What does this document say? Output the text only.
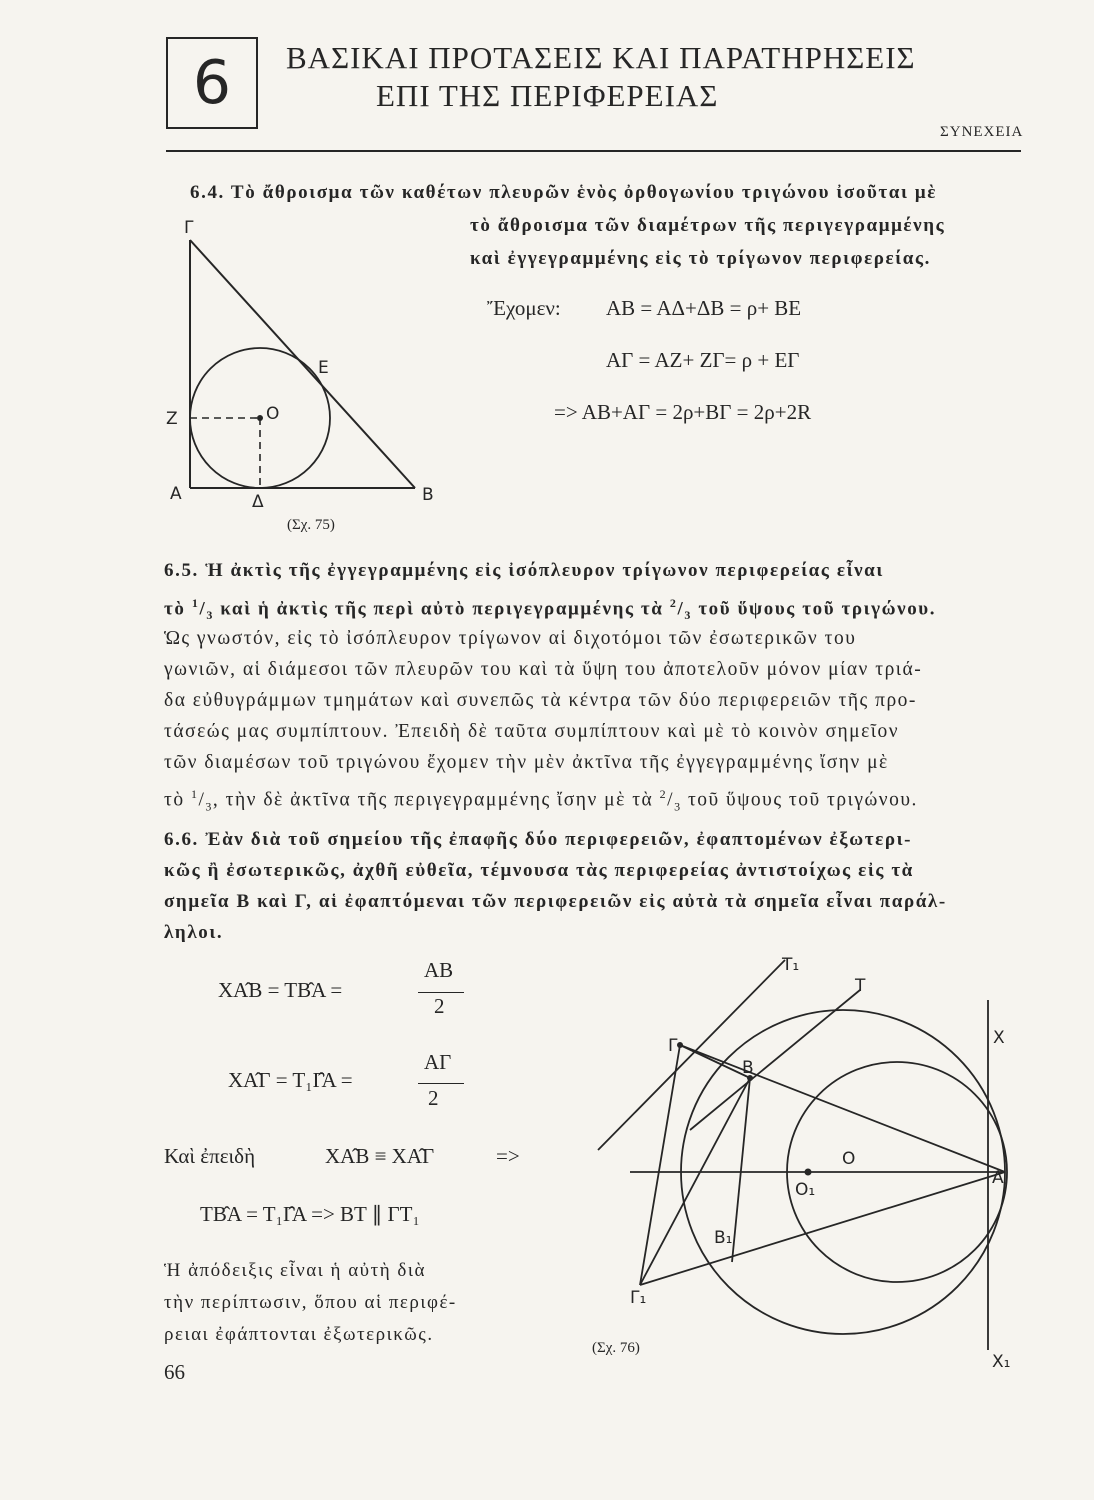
6	ΒΑΣΙΚΑΙ ΠΡΟΤΑΣΕΙΣ ΚΑΙ ΠΑΡΑΤΗΡΗΣΕΙΣ
ΕΠΙ ΤΗΣ ΠΕΡΙΦΕΡΕΙΑΣ
ΣΥΝΕΧΕΙΑ
6.4. Τὸ ἄθροισμα τῶν καθέτων πλευρῶν ἑνὸς ὀρθογωνίου τριγώνου ἰσοῦται μὲ
τὸ ἄθροισμα τῶν διαμέτρων τῆς περιγεγραμμένης
καὶ ἐγγεγραμμένης εἰς τὸ τρίγωνον περιφερείας.
Ἔχομεν: ΑΒ = ΑΔ+ΔΒ = ρ+ ΒΕ
ΑΓ = ΑΖ+ ΖΓ= ρ + ΕΓ
=> ΑΒ+ΑΓ = 2ρ+ΒΓ = 2ρ+2R
Γ
E
Z	O
A	Δ	B
(Σχ. 75)
6.5. Ἡ ἀκτὶς τῆς ἐγγεγραμμένης εἰς ἰσόπλευρον τρίγωνον περιφερείας εἶναι
τὸ $^1/_3$ καὶ ἡ ἀκτὶς τῆς περὶ αὐτὸ περιγεγραμμένης τὰ $^2/_3$ τοῦ ὕψους τοῦ τριγώνου.
Ὡς γνωστόν, εἰς τὸ ἰσόπλευρον τρίγωνον αἱ διχοτόμοι τῶν ἐσωτερικῶν του
γωνιῶν, αἱ διάμεσοι τῶν πλευρῶν του καὶ τὰ ὕψη του ἀποτελοῦν μόνον μίαν τριά-
δα εὐθυγράμμων τμημάτων καὶ συνεπῶς τὰ κέντρα τῶν δύο περιφερειῶν τῆς προ-
τάσεώς μας συμπίπτουν. Ἐπειδὴ δὲ ταῦτα συμπίπτουν καὶ μὲ τὸ κοινὸν σημεῖον
τῶν διαμέσων τοῦ τριγώνου ἔχομεν τὴν μὲν ἀκτῖνα τῆς ἐγγεγραμμένης ἴσην μὲ
τὸ $^1/_3$, τὴν δὲ ἀκτῖνα τῆς περιγεγραμμένης ἴσην μὲ τὰ $^2/_3$ τοῦ ὕψους τοῦ τριγώνου.
6.6. Ἐὰν διὰ τοῦ σημείου τῆς ἐπαφῆς δύο περιφερειῶν, ἐφαπτομένων ἐξωτερι-
κῶς ἢ ἐσωτερικῶς, ἀχθῆ εὐθεῖα, τέμνουσα τὰς περιφερείας ἀντιστοίχως εἰς τὰ
σημεῖα Β καὶ Γ, αἱ ἐφαπτόμεναι τῶν περιφερειῶν εἰς αὐτὰ τὰ σημεῖα εἶναι παράλ-
ληλοι.
ΧΑ̂Β = ΤΒ̂Α =
ΑΒ
2
ΧΑ̂Γ = Τ₁Γ̂Α =
ΑΓ
2
Καὶ ἐπειδὴ	ΧΑ̂Β ≡ ΧΑ̂Γ	=>
ΤΒ̂Α = Τ₁Γ̂Α => ΒΤ ∥ ΓΤ₁
Ἡ ἀπόδειξις εἶναι ἡ αὐτὴ διὰ
τὴν περίπτωσιν, ὅπου αἱ περιφέ-
ρειαι ἐφάπτονται ἐξωτερικῶς.
T₁
T
X
Γ
B
O
O₁
A
B₁
Γ₁
X₁
(Σχ. 76)
66
